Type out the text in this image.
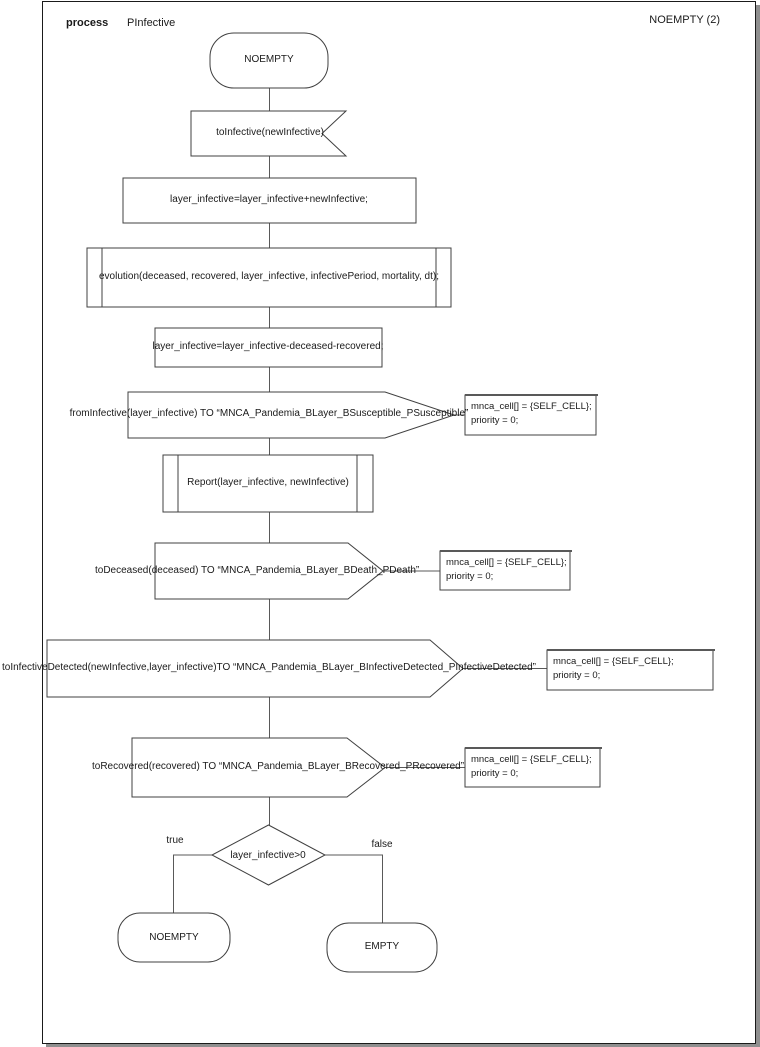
process PInfective	NOEMPTY (2)
NOEMPTY
toInfective(newInfective)
layer_infective=layer_infective+newInfective;
evolution(deceased, recovered, layer_infective, infectivePeriod, mortality, dt);
layer_infective=layer_infective-deceased-recovered;
fromInfective(layer_infective) TO “MNCA_Pandemia_BLayer_BSusceptible_PSusceptible”
Report(layer_infective, newInfective)
toDeceased(deceased) TO “MNCA_Pandemia_BLayer_BDeath_PDeath”
toInfectiveDetected(newInfective,layer_infective)TO “MNCA_Pandemia_BLayer_BInfectiveDetected_PInfectiveDetected”
toRecovered(recovered) TO “MNCA_Pandemia_BLayer_BRecovered_PRecovered”
layer_infective>0
true	false
NOEMPTY
EMPTY
mnca_cell[] = {SELF_CELL};
priority = 0;
mnca_cell[] = {SELF_CELL};
priority = 0;
mnca_cell[] = {SELF_CELL};
priority = 0;
mnca_cell[] = {SELF_CELL};
priority = 0;
